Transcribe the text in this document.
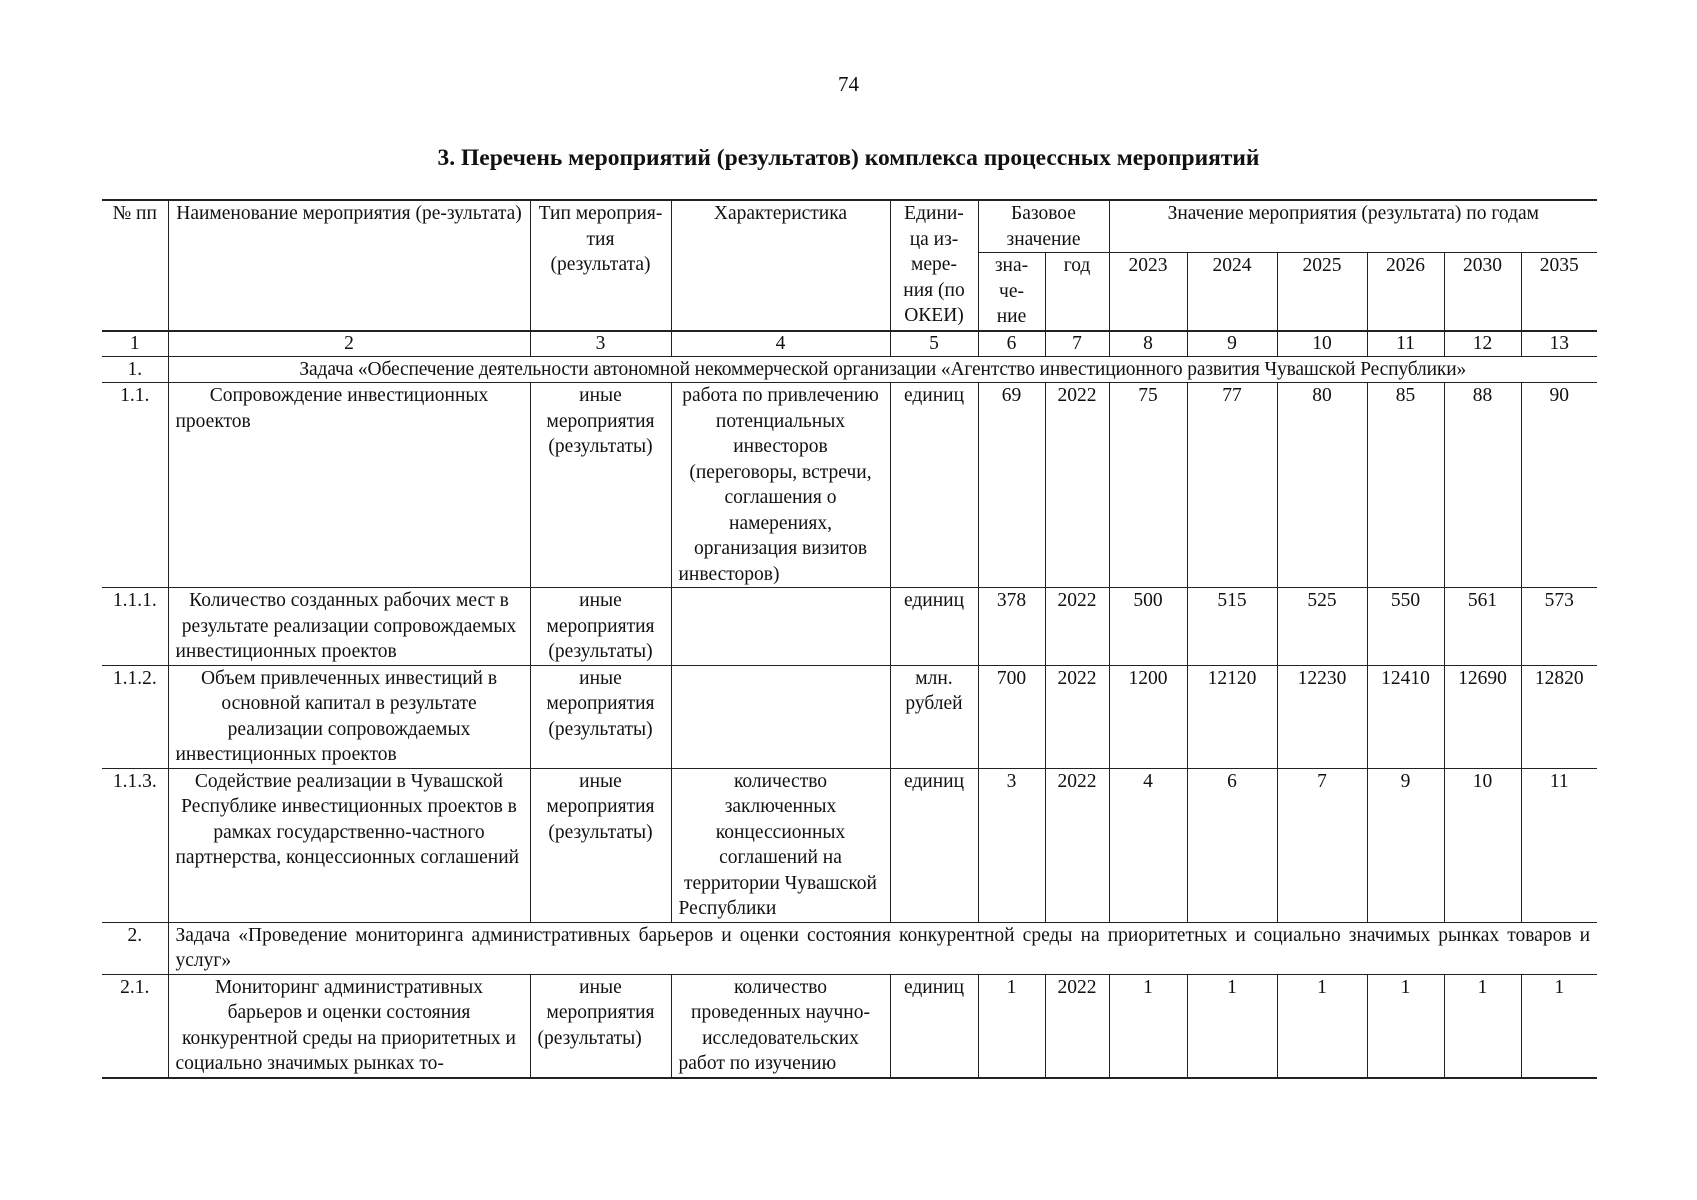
74
3. Перечень мероприятий (результатов) комплекса процессных мероприятий
№ пп	Наименование мероприятия (ре-зультата)	Тип мероприя-тия (результата)	Характеристика	Едини-ца из-мере-ния (по ОКЕИ)	Базовое значение		Значение мероприятия (результата) по годам					
					зна-че-ние	год	2023	2024	2025	2026	2030	2035
1	2	3	4	5	6	7	8	9	10	11	12	13
1.	Задача «Обеспечение деятельности автономной некоммерческой организации «Агентство инвестиционного развития Чувашской Республики»											
1.1.	Сопровождение инвестиционных проектов	иные мероприятия (результаты)	работа по привлечению потенциальных инвесторов (переговоры, встречи, соглашения о намерениях, организация визитов инвесторов)	единиц	69	2022	75	77	80	85	88	90
1.1.1.	Количество созданных рабочих мест в результате реализации сопровождаемых инвестиционных проектов	иные мероприятия (результаты)		единиц	378	2022	500	515	525	550	561	573
1.1.2.	Объем привлеченных инвестиций в основной капитал в результате реализации сопровождаемых инвестиционных проектов	иные мероприятия (результаты)		млн. рублей	700	2022	1200	12120	12230	12410	12690	12820
1.1.3.	Содействие реализации в Чувашской Республике инвестиционных проектов в рамках государственно-частного партнерства, концессионных соглашений	иные мероприятия (результаты)	количество заключенных концессионных соглашений на территории Чувашской Республики	единиц	3	2022	4	6	7	9	10	11
2.	Задача «Проведение мониторинга административных барьеров и оценки состояния конкурентной среды на приоритетных и социально значимых рынках товаров и услуг»											
2.1.	Мониторинг административных барьеров и оценки состояния конкурентной среды на приоритетных и социально значимых рынках то-	иные мероприятия (результаты)	количество проведенных научно-исследовательских работ по изучению	единиц	1	2022	1	1	1	1	1	1
